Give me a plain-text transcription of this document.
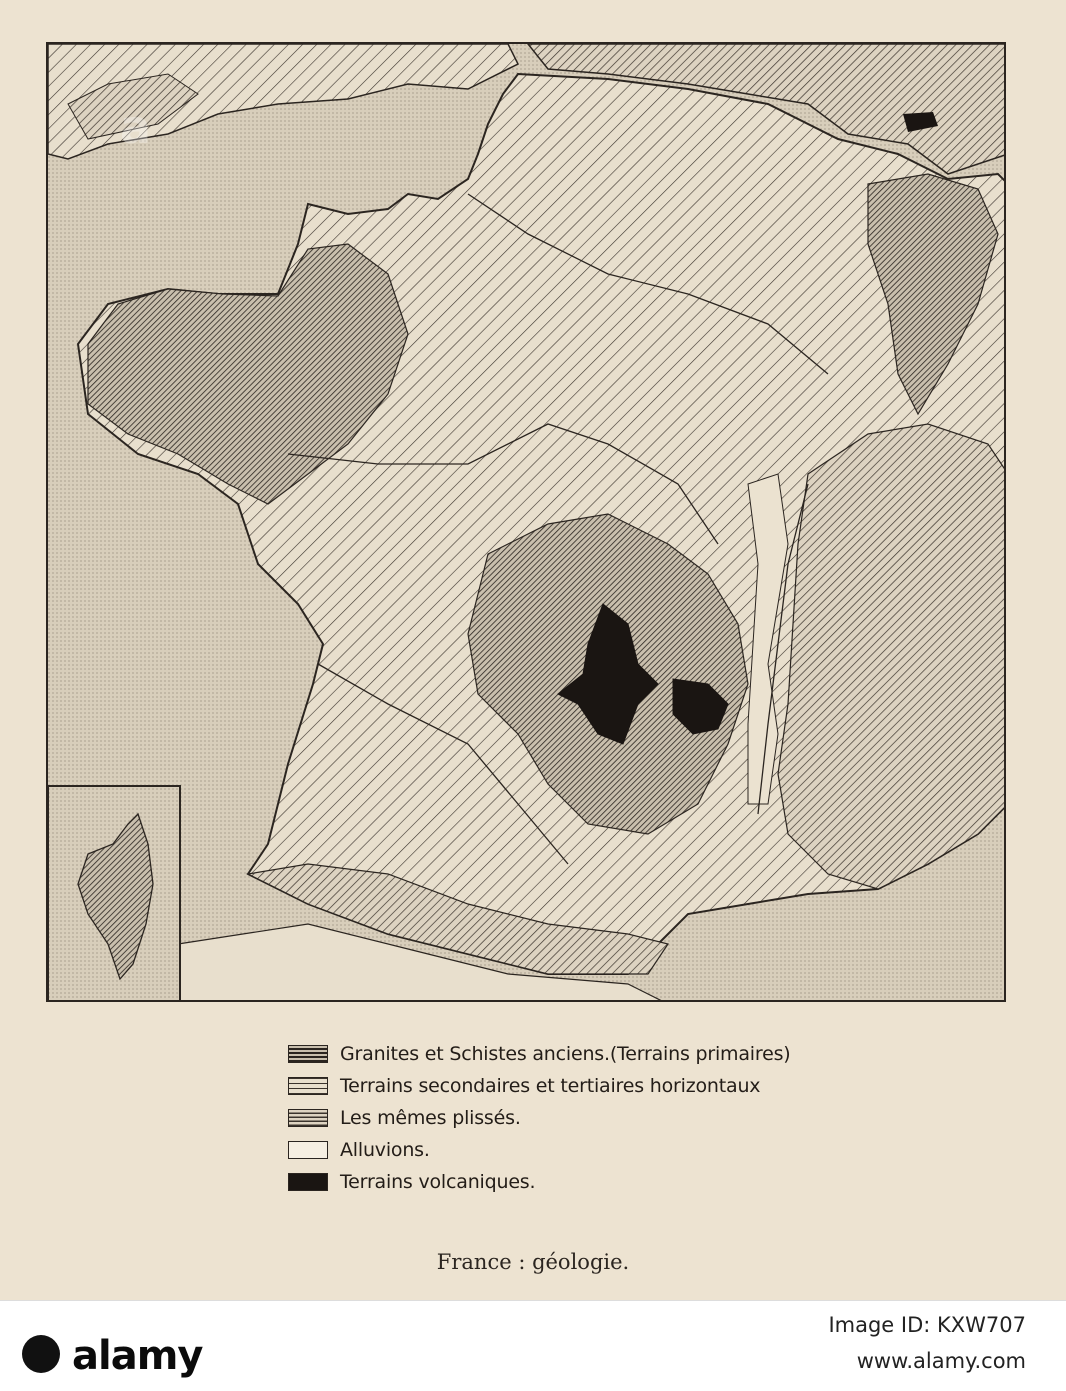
Granites et Schistes anciens.(Terrains primaires)
Terrains secondaires et tertiaires horizontaux
Les mêmes plissés.
Alluvions.
Terrains volcaniques.
France : géologie.
a
alamy
Image ID: KXW707
www.alamy.com
